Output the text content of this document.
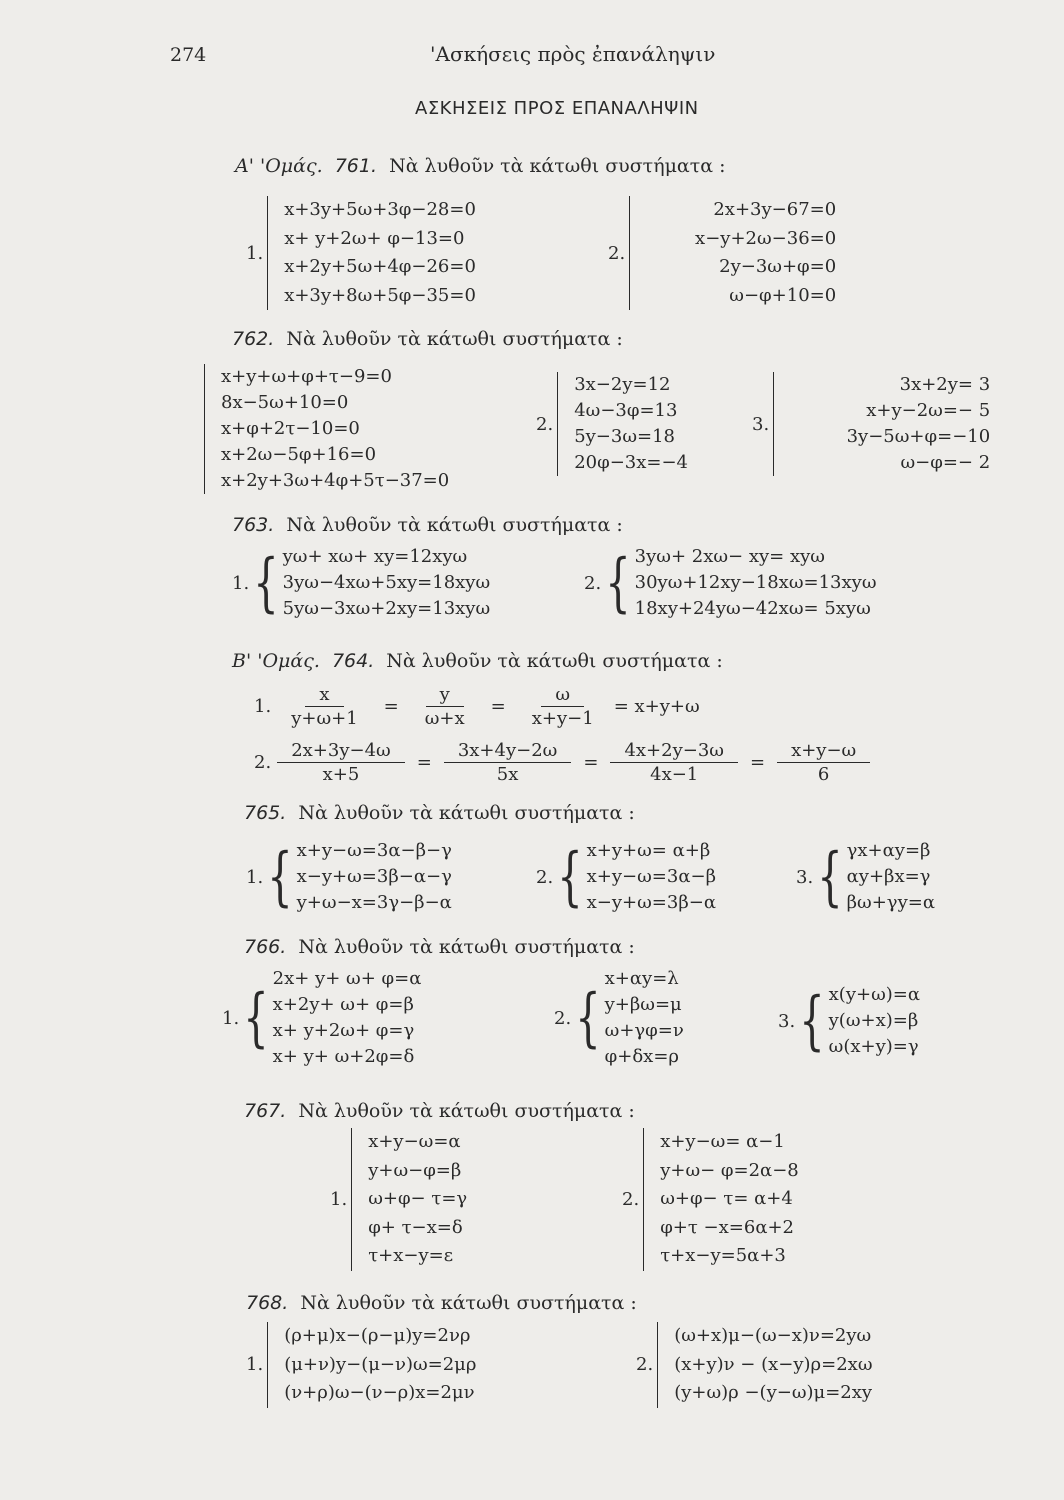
274	'Ασκήσεις πρὸς ἐπανάληψιν
ΑΣΚΗΣΕΙΣ ΠΡΟΣ ΕΠΑΝΑΛΗΨΙΝ
Α' 'Ομάς. 761. Νὰ λυθοῦν τὰ κάτωθι συστήματα :
1.
x+3y+5ω+3φ−28=0
x+ y+2ω+ φ−13=0
x+2y+5ω+4φ−26=0
x+3y+8ω+5φ−35=0
2.
2x+3y−67=0
x−y+2ω−36=0
2y−3ω+φ=0
ω−φ+10=0
762. Νὰ λυθοῦν τὰ κάτωθι συστήματα :
x+y+ω+φ+τ−9=0
8x−5ω+10=0
x+φ+2τ−10=0
x+2ω−5φ+16=0
x+2y+3ω+4φ+5τ−37=0
2.
3x−2y=12
4ω−3φ=13
5y−3ω=18
20φ−3x=−4
3.
3x+2y= 3
x+y−2ω=− 5
3y−5ω+φ=−10
ω−φ=− 2
763. Νὰ λυθοῦν τὰ κάτωθι συστήματα :
1. { yω+ xω+ xy=12xyω
3yω−4xω+5xy=18xyω
5yω−3xω+2xy=13xyω
2. { 3yω+ 2xω− xy= xyω
30yω+12xy−18xω=13xyω
18xy+24yω−42xω= 5xyω
Β' 'Ομάς. 764. Νὰ λυθοῦν τὰ κάτωθι συστήματα :
1. $\frac{x}{y+\omega+1} = \frac{y}{\omega+x} = \frac{\omega}{x+y-1} = x+y+\omega$
2. $\frac{2x+3y-4\omega}{x+5} = \frac{3x+4y-2\omega}{5x} = \frac{4x+2y-3\omega}{4x-1} = \frac{x+y-\omega}{6}$
765. Νὰ λυθοῦν τὰ κάτωθι συστήματα :
1. { x+y−ω=3α−β−γ
x−y+ω=3β−α−γ
y+ω−x=3γ−β−α
2. { x+y+ω= α+β
x+y−ω=3α−β
x−y+ω=3β−α
3. { γx+αy=β
αy+βx=γ
βω+γy=α
766. Νὰ λυθοῦν τὰ κάτωθι συστήματα :
1. {
2x+ y+ ω+ φ=α
x+2y+ ω+ φ=β
x+ y+2ω+ φ=γ
x+ y+ ω+2φ=δ
2. {
x+αy=λ
y+βω=μ
ω+γφ=ν
φ+δx=ρ
3. { x(y+ω)=α
y(ω+x)=β
ω(x+y)=γ
767. Νὰ λυθοῦν τὰ κάτωθι συστήματα :
1.
x+y−ω=α
y+ω−φ=β
ω+φ− τ=γ
φ+ τ−x=δ
τ+x−y=ε
2.
x+y−ω= α−1
y+ω− φ=2α−8
ω+φ− τ= α+4
φ+τ −x=6α+2
τ+x−y=5α+3
768. Νὰ λυθοῦν τὰ κάτωθι συστήματα :
1.
(ρ+μ)x−(ρ−μ)y=2νρ
(μ+ν)y−(μ−ν)ω=2μρ
(ν+ρ)ω−(ν−ρ)x=2μν
2.
(ω+x)μ−(ω−x)ν=2yω
(x+y)ν − (x−y)ρ=2xω
(y+ω)ρ −(y−ω)μ=2xy
